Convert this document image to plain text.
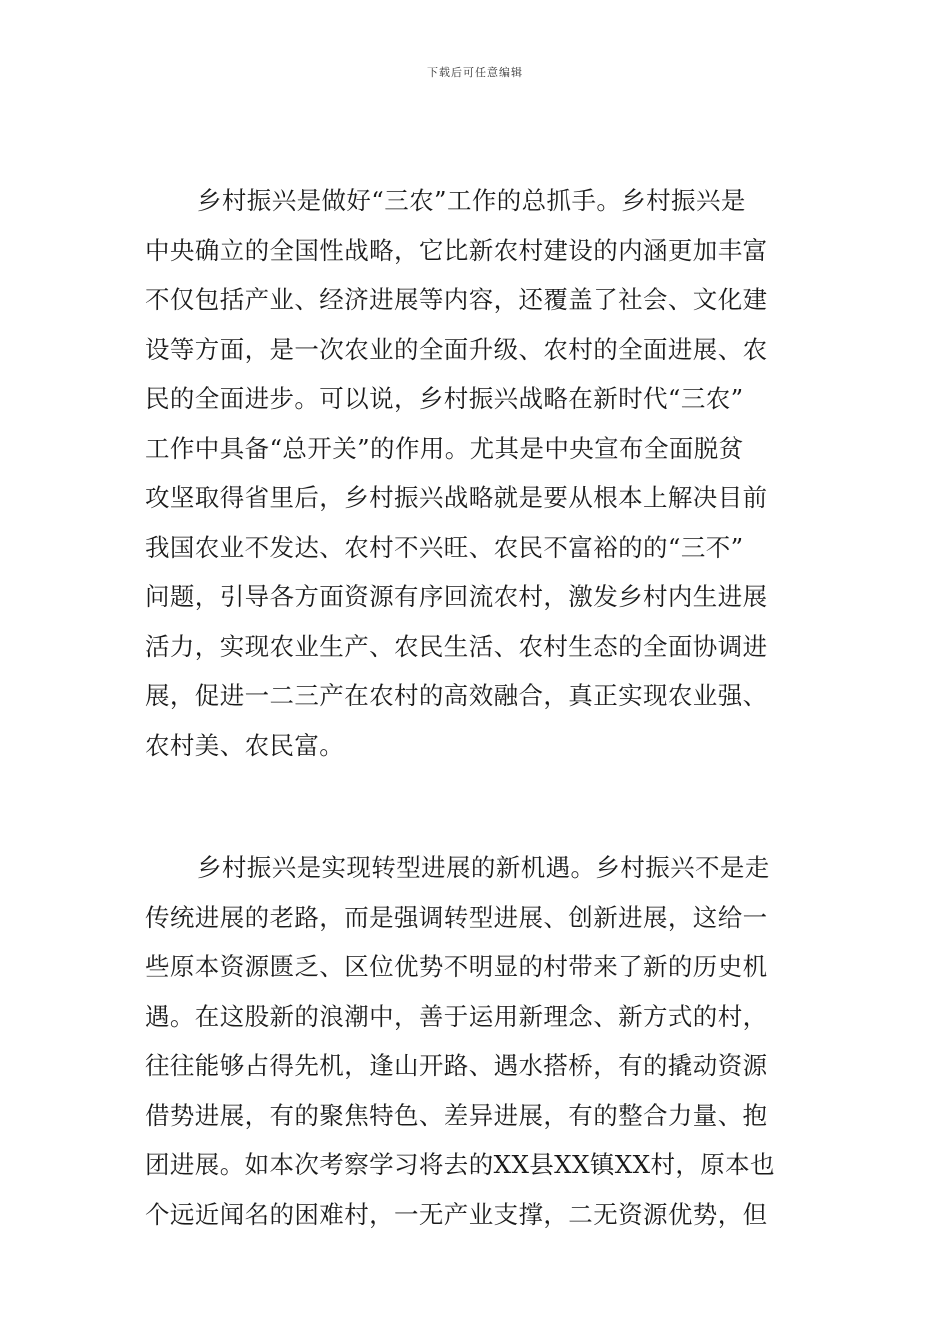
下载后可任意编辑
乡村振兴是做好“三农”工作的总抓手。乡村振兴是
中央确立的全国性战略，它比新农村建设的内涵更加丰富
不仅包括产业、经济进展等内容，还覆盖了社会、文化建
设等方面，是一次农业的全面升级、农村的全面进展、农
民的全面进步。可以说，乡村振兴战略在新时代“三农”
工作中具备“总开关”的作用。尤其是中央宣布全面脱贫
攻坚取得省里后，乡村振兴战略就是要从根本上解决目前
我国农业不发达、农村不兴旺、农民不富裕的的“三不”
问题，引导各方面资源有序回流农村，激发乡村内生进展
活力，实现农业生产、农民生活、农村生态的全面协调进
展，促进一二三产在农村的高效融合，真正实现农业强、
农村美、农民富。
乡村振兴是实现转型进展的新机遇。乡村振兴不是走
传统进展的老路，而是强调转型进展、创新进展，这给一
些原本资源匮乏、区位优势不明显的村带来了新的历史机
遇。在这股新的浪潮中，善于运用新理念、新方式的村，
往往能够占得先机，逢山开路、遇水搭桥，有的撬动资源
借势进展，有的聚焦特色、差异进展，有的整合力量、抱
团进展。如本次考察学习将去的XX县XX镇XX村，原本也
个远近闻名的困难村，一无产业支撑，二无资源优势，但
